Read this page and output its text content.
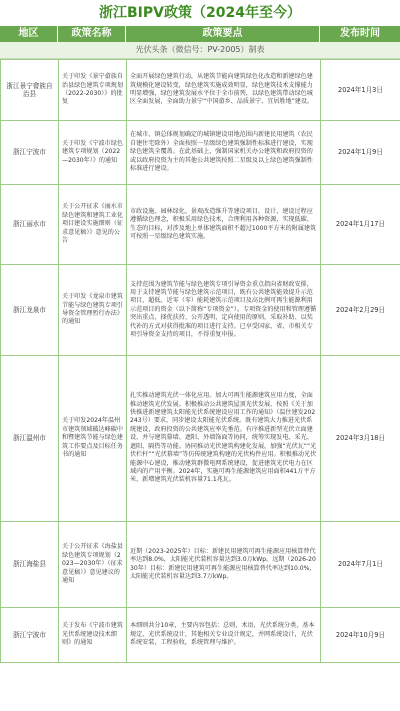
浙江BIPV政策（2024年至今）
地区	政策名称	政策要点	发布时间
光伏头条（微信号：PV-2005）制表
浙江景宁畲族自治县	关于印发《景宁畲族自治县绿色建筑专项规划（2022-2030）》的批复	全面开展绿色建筑行动，从建筑节能向建筑绿色化改造和新建绿色建筑规模化建设转变，绿色建筑实施成效明显，绿色建筑技术支撑能力明显增强，绿色建筑发展水平位于全市前列，以绿色建筑带动绿色城区全面发展，全面助力景宁“中国畲乡、品质景宁、宜居胜地”建设。	2024年1月3日
浙江宁波市	关于印发《宁波市绿色建筑专项规划（2022—2030年）》的通知	在城市、镇总体规划确定的城镇建设用地范围内新建民用建筑（农民自建住宅除外）全面按照一星级绿色建筑强制性标准进行建设，实现绿色建筑全覆盖。在此基础上，强制国家机关办公建筑和政府投资的或以政府投资为主的其他公共建筑按照二星级及以上绿色建筑强制性标准进行建设。	2024年1月9日
浙江丽水市	关于公开征求《丽水市绿色建筑和建筑工业化项目建设实施细则（征求意见稿）》意见的公告	市政设施、园林绿化、景观改造维升等建设项目，设计、建设过程应遵循绿色理念，积极采用绿色技术，合理利用各种资源，实现低碳、生态的目标，对涉及地上单体建筑面积不超过1000平方米的附属建筑可按照一星级绿色建筑实施。	2024年1月17日
浙江龙泉市	关于印发《龙泉市建筑节能与绿色建筑专项引导资金管理暂行办法》的通知	支持范围为建筑节能与绿色建筑专项引导资金重点指向省财政安排，用于支持建筑节能与绿色建筑示范项目，既有公共建筑能效提升示范项目，超低、近零（零）能耗建筑示范项目及高比例可再生能源利用示范项目的资金（以下简称“专项资金”）。专项资金的使用和管理遵循突出重点、择优扶持、公开透明、定向使用的原则，采取补助、以奖代补的方式对获得批准的项目进行支持。已享受国家、省、市相关专项引导资金支持的项目，不得重复申报。	2024年2月29日
浙江温州市	关于印发2024年温州市建筑领域破达峰碳中和暨建筑节能与绿色建筑工作要点及目标任务书的通知	扎实推动建筑光伏一体化应用。加大可再生能源建筑应用力度，全面推动建筑光伏发展。积极推动公共建筑屋顶光伏发展，按照《关于加快推进新建建筑太阳能光伏系统建设应用工作的通知》（温住建发202243号）要求，同步建设太阳能光伏系统。既有建筑大力推进光伏系统建设，政府投资的公共建筑应率先垂范。有序推进新型光伏立面建设，并与建筑幕墙、遮阳、外墙饰面等协同，统筹实现发电、采光、遮阳、隔热等功能。协同推动光伏建筑构建化发展，加强“光伏瓦”“光伏栏杆”“光伏幕墙”等仿传统建筑构建的光伏构件应用。积极推动光伏能源中心建设，推动建筑群微电网系统建设，促进建筑光伏电力在区域内的产用平衡。2024年，实施可再生能源建筑应用面积441万平方米，新增建筑光伏装机容量71.1兆瓦。	2024年3月18日
浙江海盐县	关于公开征求《海盐县绿色建筑专项规划（2023—2030年）（征求意见稿）》意见建议的通知	近期（2023-2025年）目标：新建民用建筑可再生能源应用核算替代率达到8.0%，太阳能光伏装机容量达到3.0万kWp。远期（2026-2030年）目标：新建民用建筑可再生能源应用核算替代率达到10.0%，太阳能光伏装机容量达到3.7万kWp。	2024年7月1日
浙江宁波市	关于发布《宁波市建筑光伏系统建设技术细则》的通知	本细则共分10章，主要内容包括：总则，术语，光伏系统分类，基本规定，光伏系统设计，其他相关专业设计规定，并网系统设计，光伏系统安装，工程验收，系统管理与维护。	2024年10月9日
